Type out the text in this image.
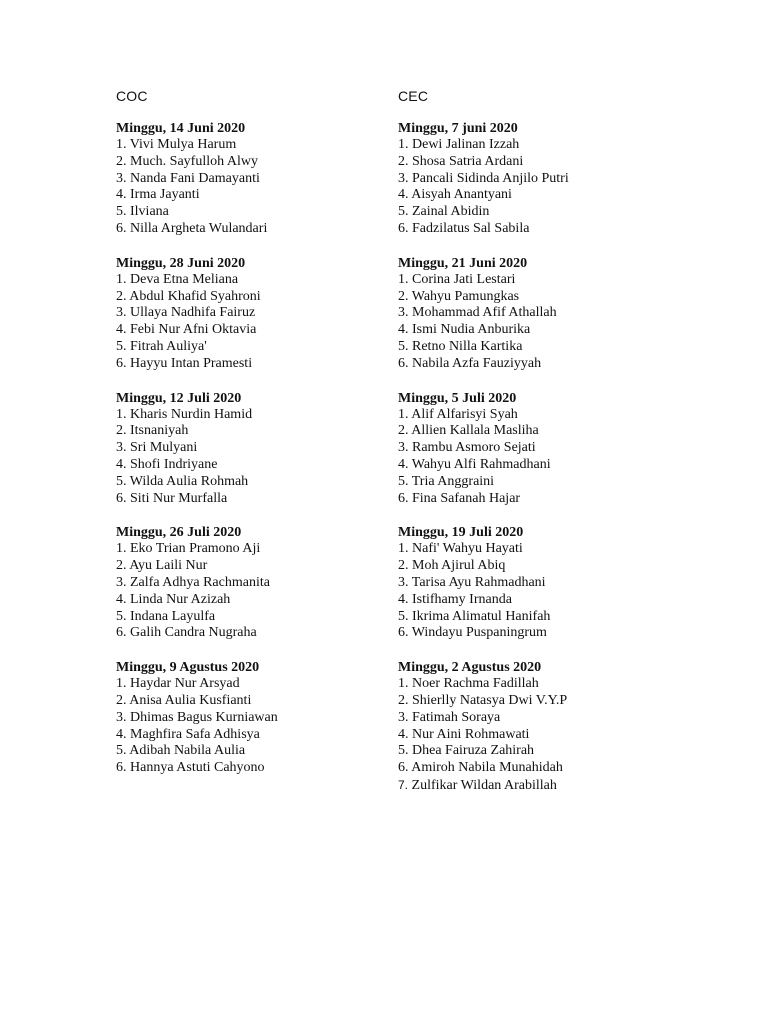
COC
Minggu, 14 Juni 2020
1. Vivi Mulya Harum
2. Much. Sayfulloh Alwy
3. Nanda Fani Damayanti
4. Irma Jayanti
5. Ilviana
6. Nilla Argheta Wulandari
Minggu, 28 Juni 2020
1. Deva Etna Meliana
2. Abdul Khafid Syahroni
3. Ullaya Nadhifa Fairuz
4. Febi Nur Afni Oktavia
5. Fitrah Auliya'
6. Hayyu Intan Pramesti
Minggu, 12 Juli 2020
1. Kharis Nurdin Hamid
2. Itsnaniyah
3. Sri Mulyani
4. Shofi Indriyane
5. Wilda Aulia Rohmah
6. Siti Nur Murfalla
Minggu, 26 Juli 2020
1. Eko Trian Pramono Aji
2. Ayu Laili Nur
3. Zalfa Adhya Rachmanita
4. Linda Nur Azizah
5. Indana Layulfa
6. Galih Candra Nugraha
Minggu, 9 Agustus 2020
1. Haydar Nur Arsyad
2. Anisa Aulia Kusfianti
3. Dhimas Bagus Kurniawan
4. Maghfira Safa Adhisya
5. Adibah Nabila Aulia
6. Hannya Astuti Cahyono
CEC
Minggu, 7 juni 2020
1. Dewi Jalinan Izzah
2. Shosa Satria Ardani
3. Pancali Sidinda Anjilo Putri
4. Aisyah Anantyani
5. Zainal Abidin
6. Fadzilatus Sal Sabila
Minggu, 21 Juni 2020
1. Corina Jati Lestari
2. Wahyu Pamungkas
3. Mohammad Afif Athallah
4. Ismi Nudia Anburika
5. Retno Nilla Kartika
6. Nabila Azfa Fauziyyah
Minggu, 5 Juli 2020
1. Alif Alfarisyi Syah
2. Allien Kallala Masliha
3. Rambu Asmoro Sejati
4. Wahyu Alfi Rahmadhani
5. Tria Anggraini
6. Fina Safanah Hajar
Minggu, 19 Juli 2020
1. Nafi' Wahyu Hayati
2. Moh Ajirul Abiq
3. Tarisa Ayu Rahmadhani
4. Istifhamy Irnanda
5. Ikrima Alimatul Hanifah
6. Windayu Puspaningrum
Minggu, 2 Agustus 2020
1. Noer Rachma Fadillah
2. Shierlly Natasya Dwi V.Y.P
3. Fatimah Soraya
4. Nur Aini Rohmawati
5. Dhea Fairuza Zahirah
6. Amiroh Nabila Munahidah
7. Zulfikar Wildan Arabillah
